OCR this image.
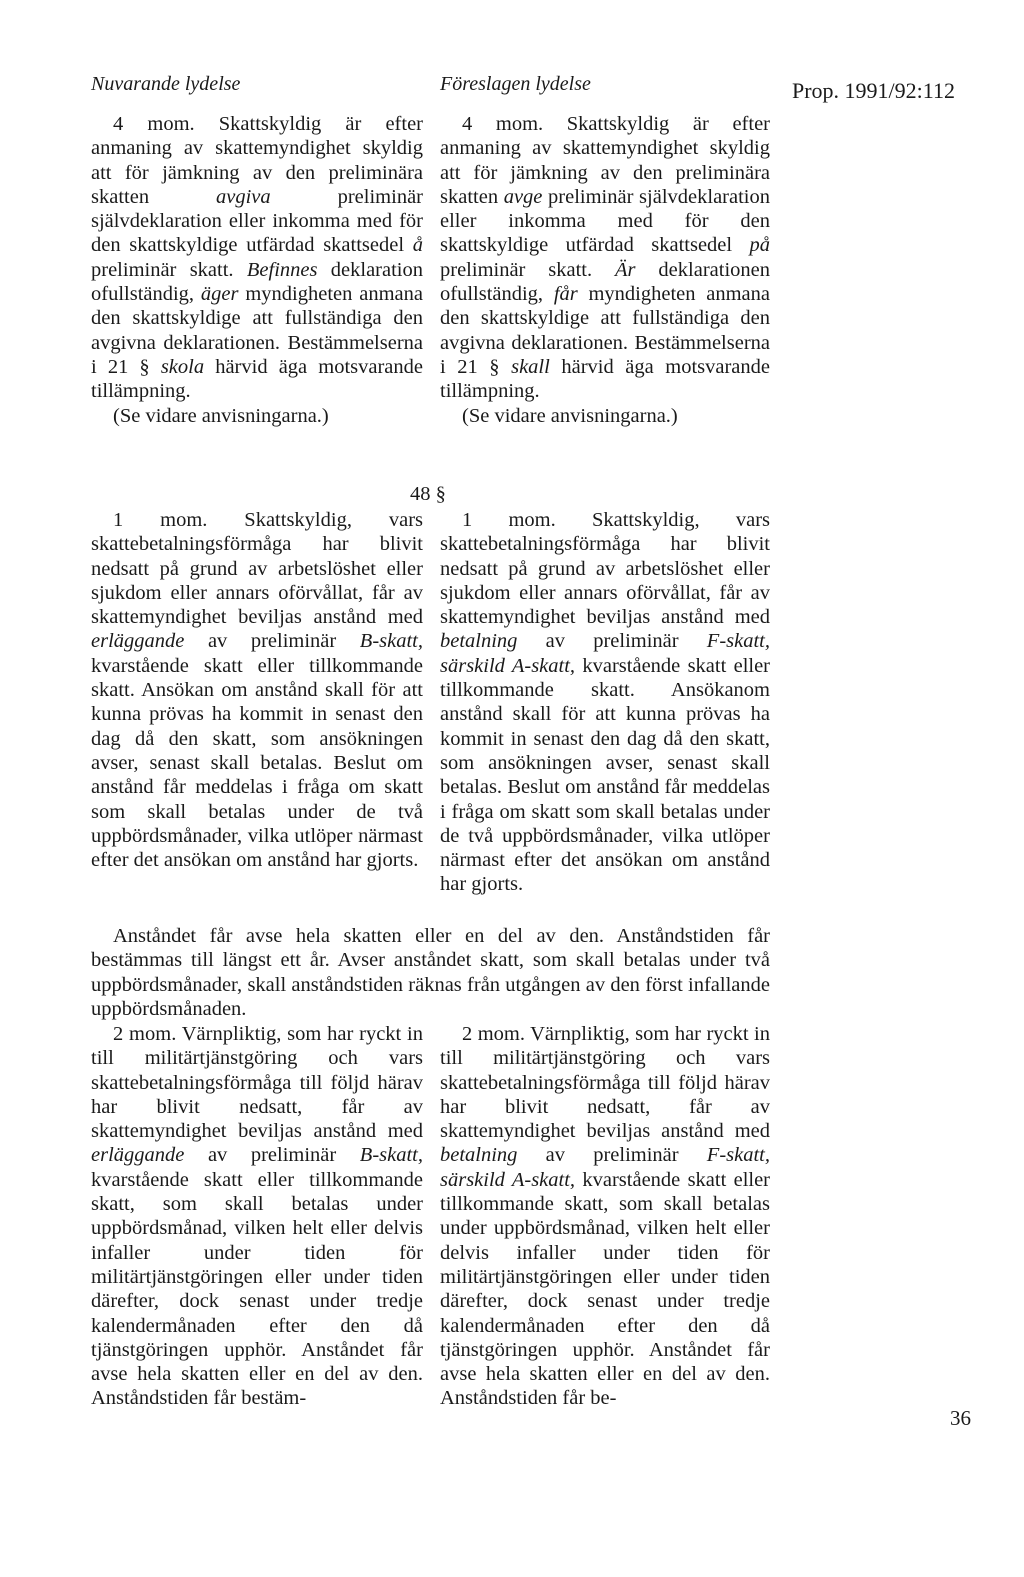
Nuvarande lydelse	Föreslagen lydelse	Prop. 1991/92:112

4 mom. Skattskyldig är efter anmaning av skattemyndighet skyldig att för jämkning av den preliminära skatten avgiva preliminär självdeklaration eller inkomma med för den skattskyldige utfärdad skattsedel å preliminär skatt. Befinnes deklaration ofullständig, äger myndigheten anmana den skattskyldige att fullständiga den avgivna deklarationen. Bestämmelserna i 21 § skola härvid äga motsvarande tillämpning.

(Se vidare anvisningarna.)

4 mom. Skattskyldig är efter anmaning av skattemyndighet skyldig att för jämkning av den preliminära skatten avge preliminär självdeklaration eller inkomma med för den skattskyldige utfärdad skattsedel på preliminär skatt. Är deklarationen ofullständig, får myndigheten anmana den skattskyldige att fullständiga den avgivna deklarationen. Bestämmelserna i 21 § skall härvid äga motsvarande tillämpning.

(Se vidare anvisningarna.)

48 §

1 mom. Skattskyldig, vars skattebetalningsförmåga har blivit nedsatt på grund av arbetslöshet eller sjukdom eller annars oförvållat, får av skattemyndighet beviljas anstånd med erläggande av preliminär B-skatt, kvarstående skatt eller tillkommande skatt. Ansökan om anstånd skall för att kunna prövas ha kommit in senast den dag då den skatt, som ansökningen avser, senast skall betalas. Beslut om anstånd får meddelas i fråga om skatt som skall betalas under de två uppbördsmånader, vilka utlöper närmast efter det ansökan om anstånd har gjorts.

1 mom. Skattskyldig, vars skattebetalningsförmåga har blivit nedsatt på grund av arbetslöshet eller sjukdom eller annars oförvållat, får av skattemyndighet beviljas anstånd med betalning av preliminär F-skatt, särskild A-skatt, kvarstående skatt eller tillkommande skatt. Ansökanom anstånd skall för att kunna prövas ha kommit in senast den dag då den skatt, som ansökningen avser, senast skall betalas. Beslut om anstånd får meddelas i fråga om skatt som skall betalas under de två uppbördsmånader, vilka utlöper närmast efter det ansökan om anstånd har gjorts.

Anståndet får avse hela skatten eller en del av den. Anståndstiden får bestämmas till längst ett år. Avser anståndet skatt, som skall betalas under två uppbördsmånader, skall anståndstiden räknas från utgången av den först infallande uppbördsmånaden.

2 mom. Värnpliktig, som har ryckt in till militärtjänstgöring och vars skattebetalningsförmåga till följd härav har blivit nedsatt, får av skattemyndighet beviljas anstånd med erläggande av preliminär B-skatt, kvarstående skatt eller tillkommande skatt, som skall betalas under uppbördsmånad, vilken helt eller delvis infaller under tiden för militärtjänstgöringen eller under tiden därefter, dock senast under tredje kalendermånaden efter den då tjänstgöringen upphör. Anståndet får avse hela skatten eller en del av den. Anståndstiden får bestäm-

2 mom. Värnpliktig, som har ryckt in till militärtjänstgöring och vars skattebetalningsförmåga till följd härav har blivit nedsatt, får av skattemyndighet beviljas anstånd med betalning av preliminär F-skatt, särskild A-skatt, kvarstående skatt eller tillkommande skatt, som skall betalas under uppbördsmånad, vilken helt eller delvis infaller under tiden för militärtjänstgöringen eller under tiden därefter, dock senast under tredje kalendermånaden efter den då tjänstgöringen upphör. Anståndet får avse hela skatten eller en del av den. Anståndstiden får be-

36
